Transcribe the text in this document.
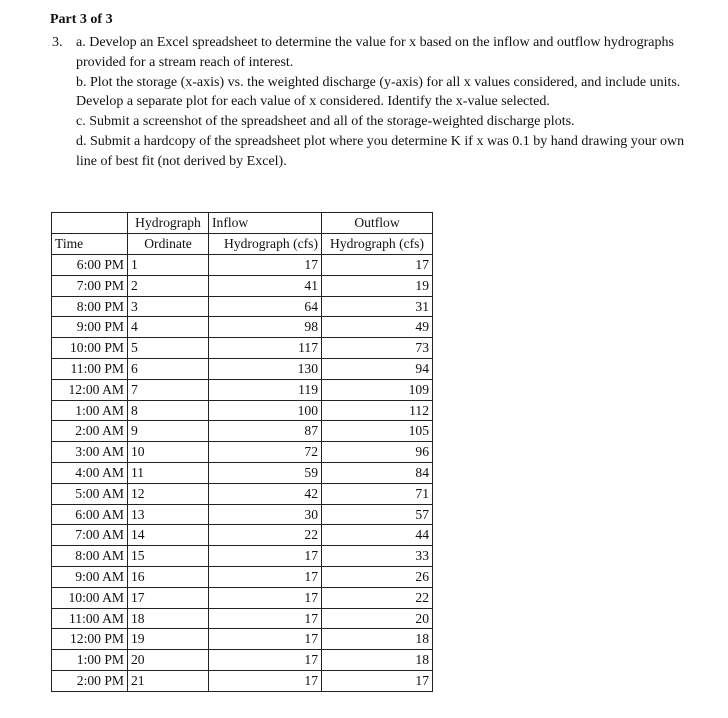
Part 3 of 3
3. a. Develop an Excel spreadsheet to determine the value for x based on the inflow and outflow hydrographs provided for a stream reach of interest.

b. Plot the storage (x-axis) vs. the weighted discharge (y-axis) for all x values considered, and include units. Develop a separate plot for each value of x considered. Identify the x-value selected.

c. Submit a screenshot of the spreadsheet and all of the storage-weighted discharge plots.

d. Submit a hardcopy of the spreadsheet plot where you determine K if x was 0.1 by hand drawing your own line of best fit (not derived by Excel).

	Hydrograph	Inflow	Outflow
Time	Ordinate	Hydrograph (cfs)	Hydrograph (cfs)
6:00 PM	1	17	17
7:00 PM	2	41	19
8:00 PM	3	64	31
9:00 PM	4	98	49
10:00 PM	5	117	73
11:00 PM	6	130	94
12:00 AM	7	119	109
1:00 AM	8	100	112
2:00 AM	9	87	105
3:00 AM	10	72	96
4:00 AM	11	59	84
5:00 AM	12	42	71
6:00 AM	13	30	57
7:00 AM	14	22	44
8:00 AM	15	17	33
9:00 AM	16	17	26
10:00 AM	17	17	22
11:00 AM	18	17	20
12:00 PM	19	17	18
1:00 PM	20	17	18
2:00 PM	21	17	17
